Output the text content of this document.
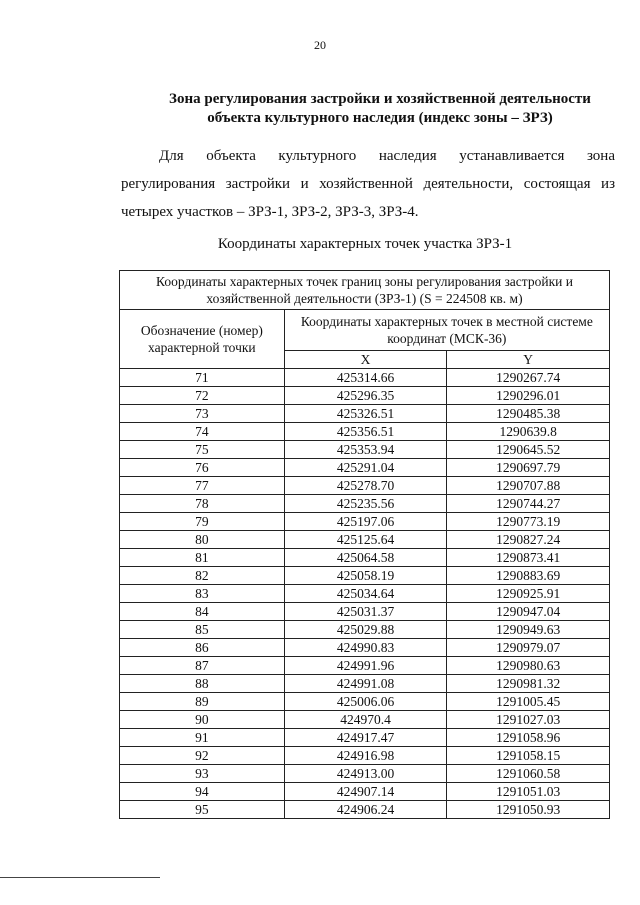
20
Зона регулирования застройки и хозяйственной деятельности
объекта культурного наследия (индекс зоны – ЗРЗ)
Для объекта культурного наследия устанавливается зона
регулирования застройки и хозяйственной деятельности, состоящая из
четырех участков – ЗРЗ-1, ЗРЗ-2, ЗРЗ-3, ЗРЗ-4.
Координаты характерных точек участка ЗРЗ-1
Координаты характерных точек границ зоны регулирования застройки и хозяйственной деятельности (ЗРЗ-1) (S = 224508 кв. м)		
Обозначение (номер) характерной точки	Координаты характерных точек в местной системе координат (МСК-36)	
	X	Y
71	425314.66	1290267.74
72	425296.35	1290296.01
73	425326.51	1290485.38
74	425356.51	1290639.8
75	425353.94	1290645.52
76	425291.04	1290697.79
77	425278.70	1290707.88
78	425235.56	1290744.27
79	425197.06	1290773.19
80	425125.64	1290827.24
81	425064.58	1290873.41
82	425058.19	1290883.69
83	425034.64	1290925.91
84	425031.37	1290947.04
85	425029.88	1290949.63
86	424990.83	1290979.07
87	424991.96	1290980.63
88	424991.08	1290981.32
89	425006.06	1291005.45
90	424970.4	1291027.03
91	424917.47	1291058.96
92	424916.98	1291058.15
93	424913.00	1291060.58
94	424907.14	1291051.03
95	424906.24	1291050.93
